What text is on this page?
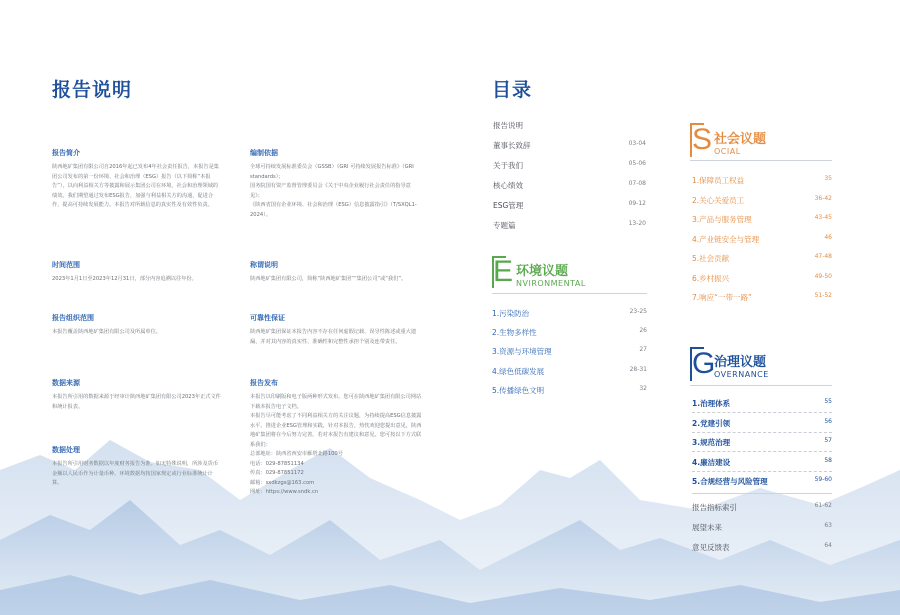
报告说明
报告简介
陕西地矿集团有限公司自2016年起已发布4年社会责任报告，本报告是集团公司发布的第一份环境、社会和治理（ESG）报告（以下简称“本报告”），以向利益相关方等披露和展示集团公司在环境、社会和治理领域的绩效。我们期望通过发布ESG报告，加强与利益相关方的沟通，促进合作，提高可持续发展能力。本报告对所载信息的真实性及有效性负责。
时间范围
2023年1月1日至2023年12月31日，部分内容追溯以往年份。
报告组织范围
本报告覆盖陕西地矿集团有限公司及所属单位。
数据来源
本报告所引用的数据来源于经审计陕西地矿集团有限公司2023年正式文件和统计报表。
数据处理
本报告所引用财务数据以年度财务报告为准。如无特殊说明，所涉及货币金额以人民币作为计量币种。环境数据均按国家规定或行业标准统计计算。
编制依据
全球可持续发展标准委员会（GSSB）《GRI 可持续发展报告标准》（GRI standards）；
国务院国有资产监督管理委员会《关于中央企业履行社会责任的指导意见》；
《陕西省国有企业环境、社会和治理（ESG）信息披露指引》（T/SXQL1-2024）。
称谓说明
陕西地矿集团有限公司，简称“陕西地矿集团”“集团公司”或“我们”。
可靠性保证
陕西地矿集团保证本报告内容不存在任何虚假记载、误导性陈述或重大遗漏，并对其内容的真实性、准确性和完整性承担个别及连带责任。
报告发布
本报告以印刷版和电子版两种形式发布。您可在陕西地矿集团有限公司网站下载本报告电子文档。
本报告尽可能考虑了不同利益相关方的关注议题，为持续提高ESG信息披露水平，推进企业ESG管理和实践，针对本报告，热忱欢迎您提出意见，陕西地矿集团将在今后努力完善。若对本报告有建议和意见，您可按以下方式联系我们：
总部地址：陕西省西安市雁塔北路100号
电话：029-87851134
传真：029-87851172
邮箱：sxdkzgs@163.com
网址：https://www.sndk.cn
目录
报告说明
董事长致辞	03-04
关于我们	05-06
核心绩效	07-08
ESG管理	09-12
专题篇	13-20
E 环境议题
NVIRONMENTAL
1.污染防治	23-25
2.生物多样性	26
3.资源与环境管理	27
4.绿色低碳发展	28-31
5.传播绿色文明	32
S 社会议题
OCIAL
1.保障员工权益	35
2.关心关爱员工	36-42
3.产品与服务管理	43-45
4.产业链安全与管理	46
5.社会贡献	47-48
6.乡村振兴	49-50
7.响应“一带一路”	51-52
G
治理议题
OVERNANCE
1.治理体系	55
2.党建引领	56
3.规范治理	57
4.廉洁建设	58
5.合规经营与风险管理	59-60
报告指标索引	61-62
展望未来	63
意见反馈表	64
